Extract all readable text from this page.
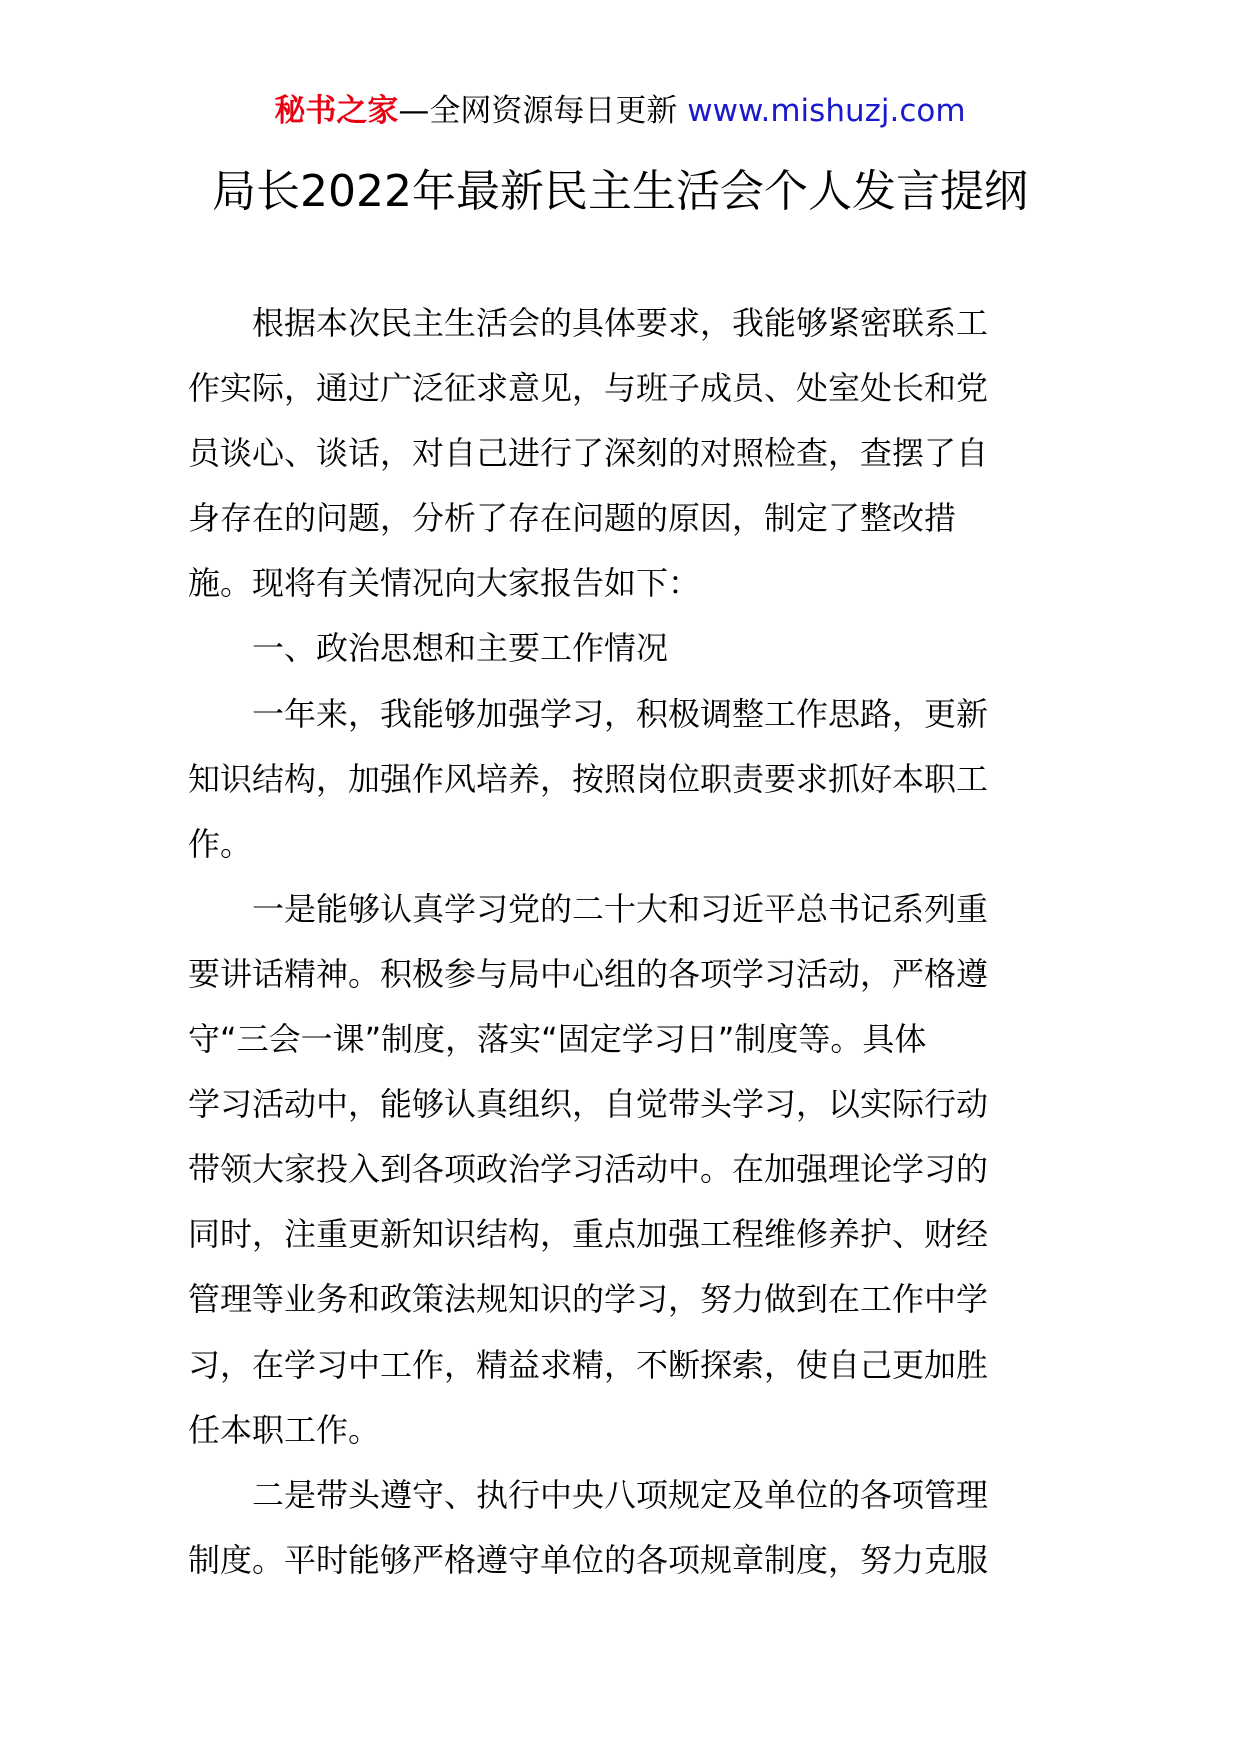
秘书之家—全网资源每日更新 www.mishuzj.com
局长2022年最新民主生活会个人发言提纲
根据本次民主生活会的具体要求，我能够紧密联系工
作实际，通过广泛征求意见，与班子成员、处室处长和党
员谈心、谈话，对自己进行了深刻的对照检查，查摆了自
身存在的问题，分析了存在问题的原因，制定了整改措
施。现将有关情况向大家报告如下：
一、政治思想和主要工作情况
一年来，我能够加强学习，积极调整工作思路，更新
知识结构，加强作风培养，按照岗位职责要求抓好本职工
作。
一是能够认真学习党的二十大和习近平总书记系列重
要讲话精神。积极参与局中心组的各项学习活动，严格遵
守“三会一课”制度，落实“固定学习日”制度等。具体
学习活动中，能够认真组织，自觉带头学习，以实际行动
带领大家投入到各项政治学习活动中。在加强理论学习的
同时，注重更新知识结构，重点加强工程维修养护、财经
管理等业务和政策法规知识的学习，努力做到在工作中学
习，在学习中工作，精益求精，不断探索，使自己更加胜
任本职工作。
二是带头遵守、执行中央八项规定及单位的各项管理
制度。平时能够严格遵守单位的各项规章制度，努力克服
